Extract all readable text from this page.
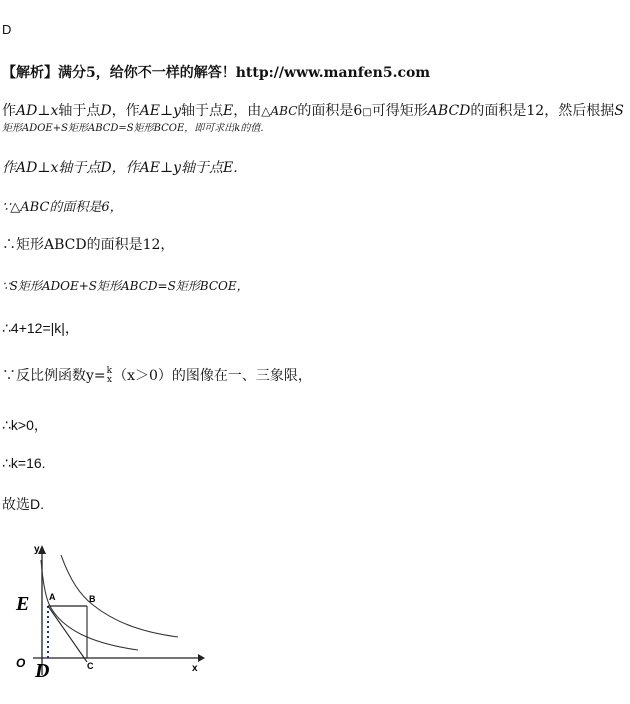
D
【解析】满分5，给你不一样的解答！http://www.manfen5.com
作AD⊥x轴于点D，作AE⊥y轴于点E，由△ABC的面积是6□可得矩形ABCD的面积是12，然后根据S
矩形ADOE+S矩形ABCD=S矩形BCOE，即可求出k的值.
作AD⊥x轴于点D，作AE⊥y轴于点E.
∵△ABC的面积是6，
∴矩形ABCD的面积是12，
∵S矩形ADOE+S矩形ABCD=S矩形BCOE，
∴4+12=|k|，
∵反比例函数y= k
x （x＞0）的图像在一、三象限，
∴k>0，
∴k=16.
故选D.
y
x
E A	B
O D	C
